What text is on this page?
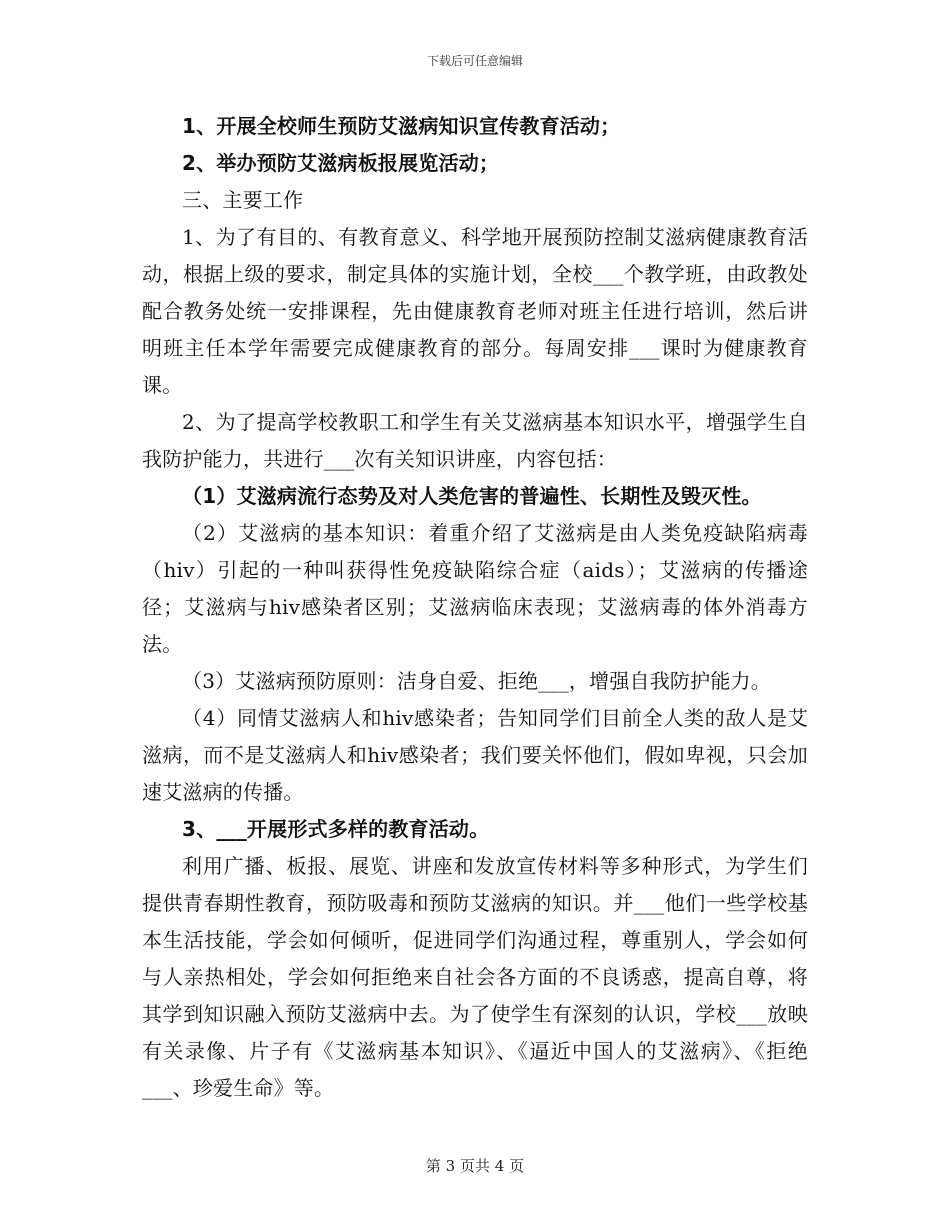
下载后可任意编辑

1、开展全校师生预防艾滋病知识宣传教育活动；

2、举办预防艾滋病板报展览活动；

三、主要工作

1、为了有目的、有教育意义、科学地开展预防控制艾滋病健康教育活动，根据上级的要求，制定具体的实施计划，全校___个教学班，由政教处配合教务处统一安排课程，先由健康教育老师对班主任进行培训，然后讲明班主任本学年需要完成健康教育的部分。每周安排___课时为健康教育课。

2、为了提高学校教职工和学生有关艾滋病基本知识水平，增强学生自我防护能力，共进行___次有关知识讲座，内容包括：

（1）艾滋病流行态势及对人类危害的普遍性、长期性及毁灭性。

（2）艾滋病的基本知识：着重介绍了艾滋病是由人类免疫缺陷病毒（hiv）引起的一种叫获得性免疫缺陷综合症（aids）；艾滋病的传播途径；艾滋病与hiv感染者区别；艾滋病临床表现；艾滋病毒的体外消毒方法。

（3）艾滋病预防原则：洁身自爱、拒绝___，增强自我防护能力。

（4）同情艾滋病人和hiv感染者；告知同学们目前全人类的敌人是艾滋病，而不是艾滋病人和hiv感染者；我们要关怀他们，假如卑视，只会加速艾滋病的传播。

3、___开展形式多样的教育活动。

利用广播、板报、展览、讲座和发放宣传材料等多种形式，为学生们提供青春期性教育，预防吸毒和预防艾滋病的知识。并___他们一些学校基本生活技能，学会如何倾听，促进同学们沟通过程，尊重别人，学会如何与人亲热相处，学会如何拒绝来自社会各方面的不良诱惑，提高自尊，将其学到知识融入预防艾滋病中去。为了使学生有深刻的认识，学校___放映有关录像、片子有《艾滋病基本知识》、《逼近中国人的艾滋病》、《拒绝___、珍爱生命》等。

第 3 页共 4 页
